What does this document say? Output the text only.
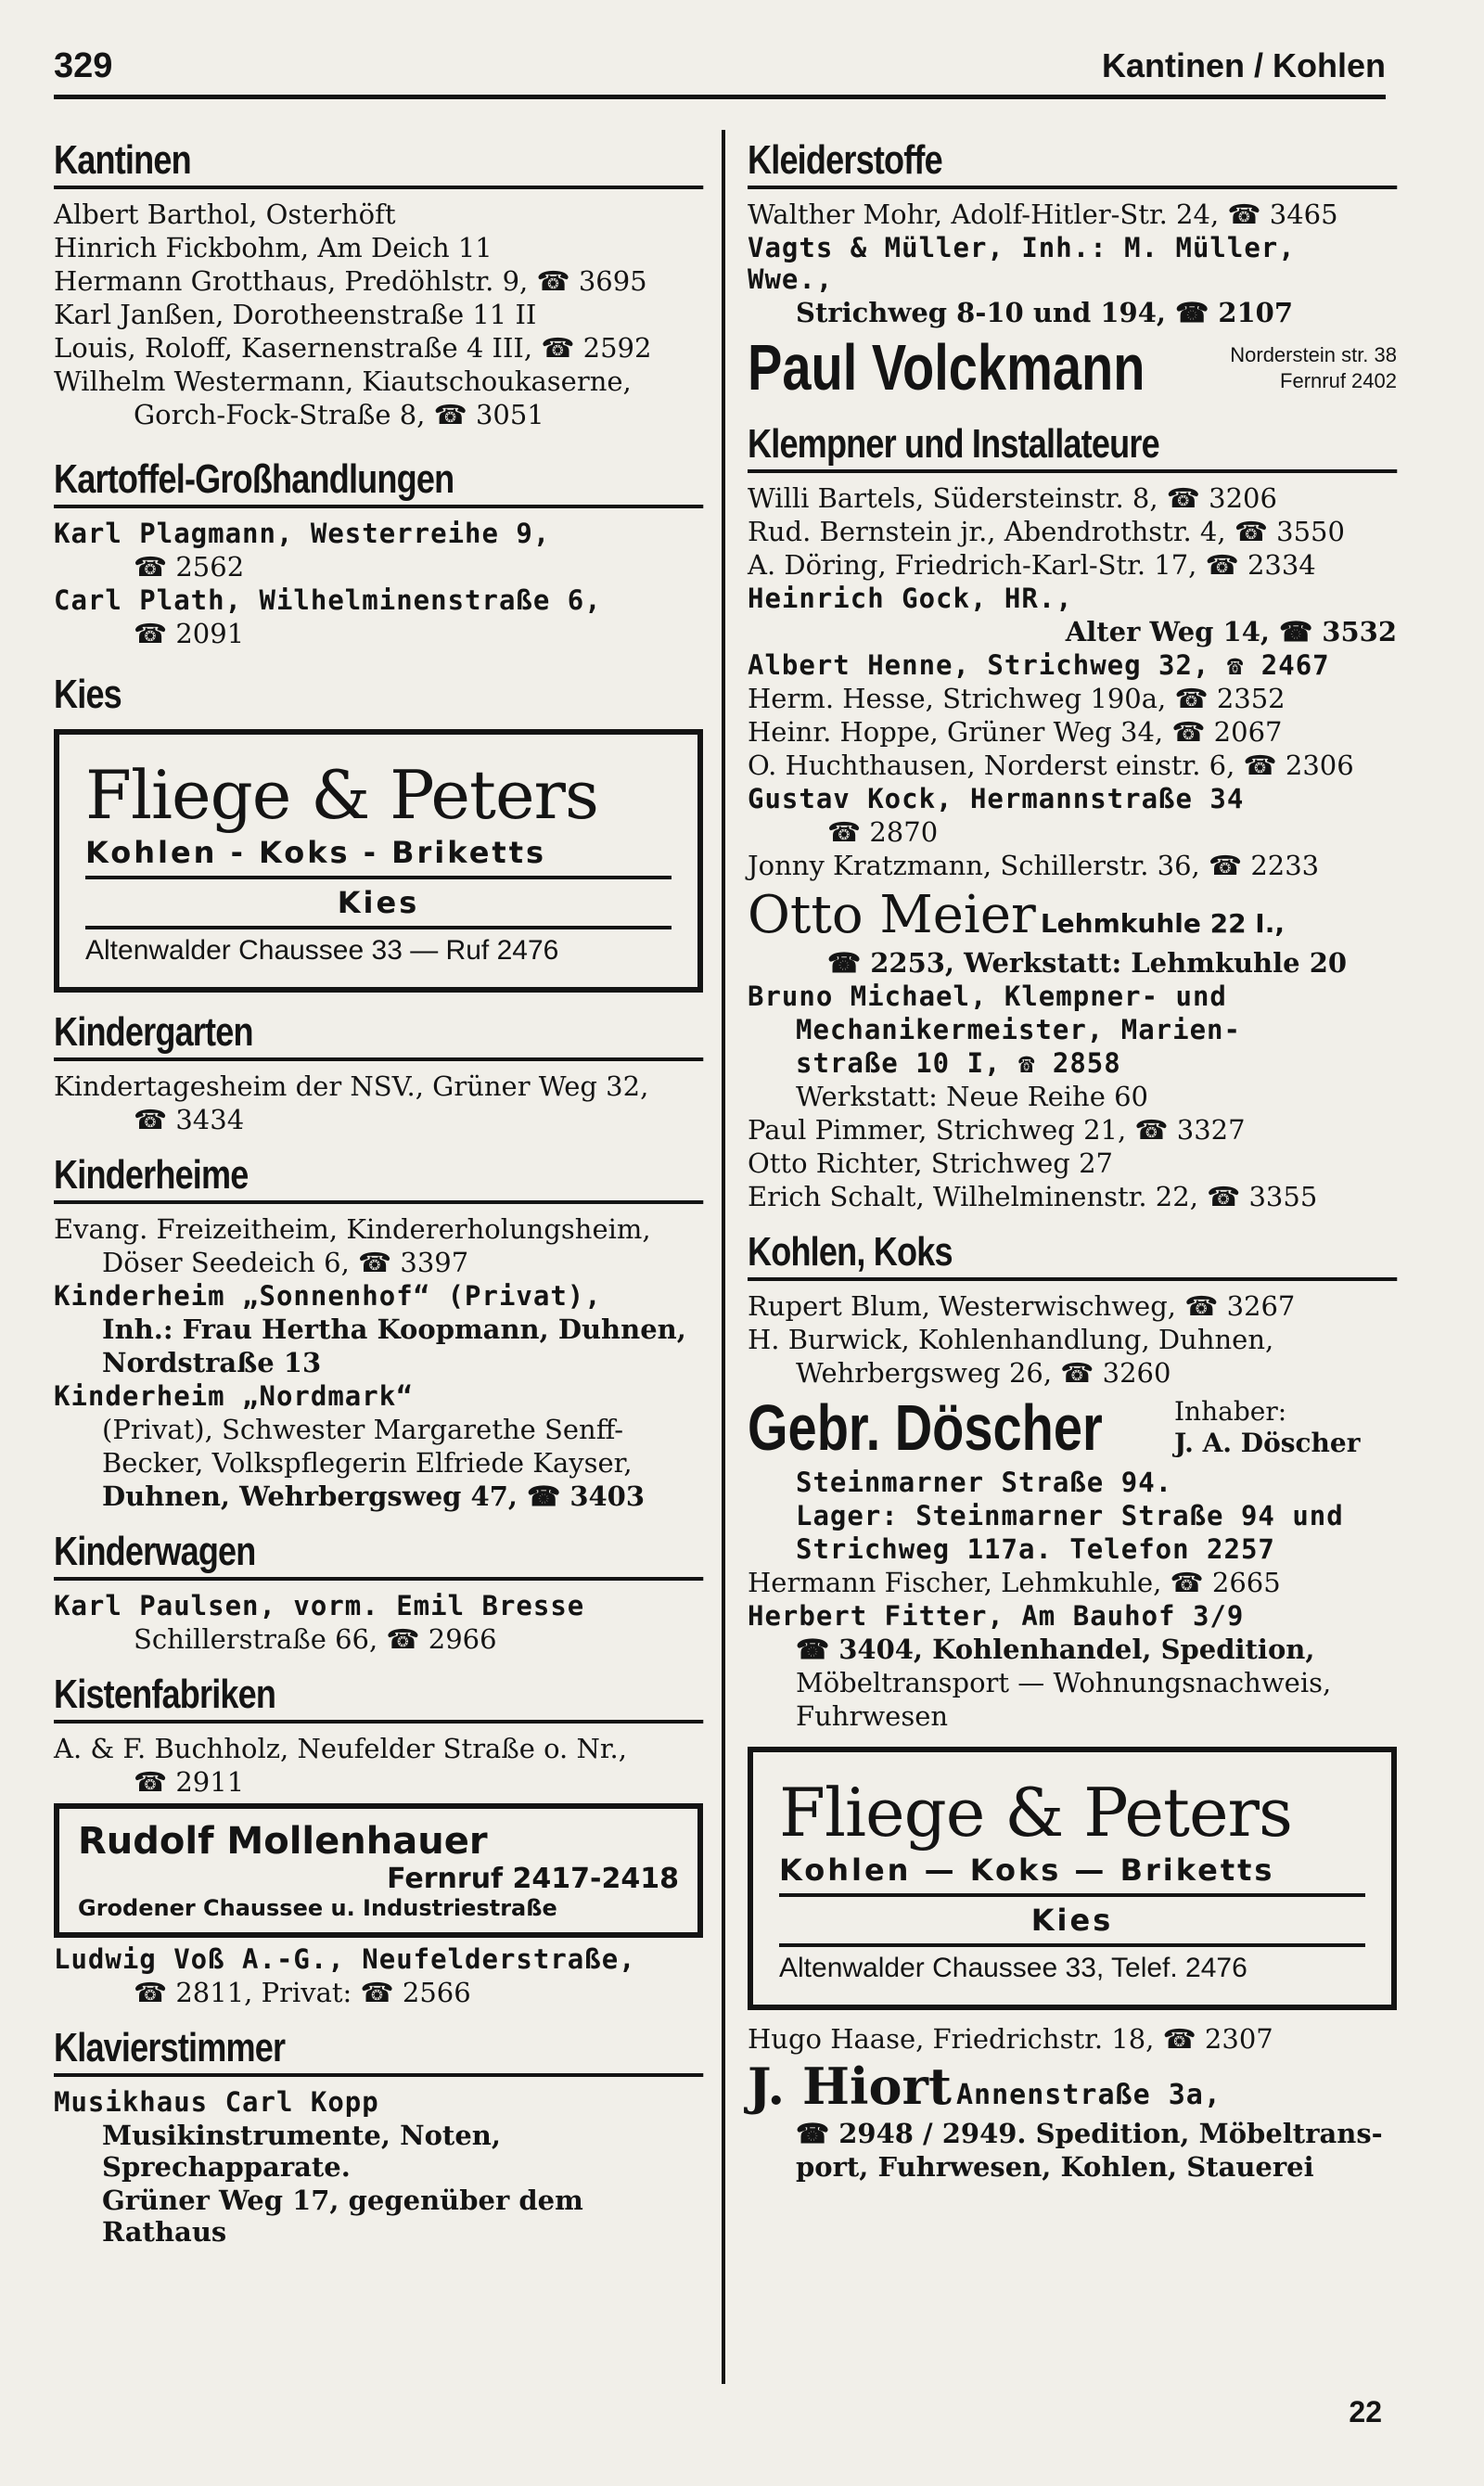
329	Kantinen / Kohlen
Kantinen
Albert Barthol, Osterhöft
Hinrich Fickbohm, Am Deich 11
Hermann Grotthaus, Predöhlstr. 9, ☎ 3695
Karl Janßen, Dorotheenstraße 11 II
Louis, Roloff, Kasernenstraße 4 III, ☎ 2592
Wilhelm Westermann, Kiautschoukaserne,
Gorch-Fock-Straße 8, ☎ 3051
Kartoffel-Großhandlungen
Karl Plagmann, Westerreihe 9,
☎ 2562
Carl Plath, Wilhelminenstraße 6,
☎ 2091
Kies
Fliege & Peters
Kohlen - Koks - Briketts
Kies
Altenwalder Chaussee 33 — Ruf 2476
Kindergarten
Kindertagesheim der NSV., Grüner Weg 32,
☎ 3434
Kinderheime
Evang. Freizeitheim, Kindererholungsheim,
Döser Seedeich 6, ☎ 3397
Kinderheim „Sonnenhof“ (Privat),
Inh.: Frau Hertha Koopmann, Duhnen,
Nordstraße 13
Kinderheim „Nordmark“
(Privat), Schwester Margarethe Senff-
Becker, Volkspflegerin Elfriede Kayser,
Duhnen, Wehrbergsweg 47, ☎ 3403
Kinderwagen
Karl Paulsen, vorm. Emil Bresse
Schillerstraße 66, ☎ 2966
Kistenfabriken
A. & F. Buchholz, Neufelder Straße o. Nr.,
☎ 2911
Rudolf Mollenhauer
Fernruf 2417-2418
Grodener Chaussee u. Industriestraße
Ludwig Voß A.-G., Neufelderstraße,
☎ 2811, Privat: ☎ 2566
Klavierstimmer
Musikhaus Carl Kopp
Musikinstrumente, Noten, Sprechapparate.
Grüner Weg 17, gegenüber dem Rathaus
Kleiderstoffe
Walther Mohr, Adolf-Hitler-Str. 24, ☎ 3465
Vagts & Müller, Inh.: M. Müller, Wwe.,
Strichweg 8-10 und 194, ☎ 2107
Paul Volckmann	Norderstein str. 38
Fernruf 2402
Klempner und Installateure
Willi Bartels, Südersteinstr. 8, ☎ 3206
Rud. Bernstein jr., Abendrothstr. 4, ☎ 3550
A. Döring, Friedrich-Karl-Str. 17, ☎ 2334
Heinrich Gock, HR.,
Alter Weg 14, ☎ 3532
Albert Henne, Strichweg 32, ☎ 2467
Herm. Hesse, Strichweg 190a, ☎ 2352
Heinr. Hoppe, Grüner Weg 34, ☎ 2067
O. Huchthausen, Norderst einstr. 6, ☎ 2306
Gustav Kock, Hermannstraße 34
☎ 2870
Jonny Kratzmann, Schillerstr. 36, ☎ 2233
Otto Meier Lehmkuhle 22 I.,
☎ 2253, Werkstatt: Lehmkuhle 20
Bruno Michael, Klempner- und
Mechanikermeister, Marien-
straße 10 I, ☎ 2858
Werkstatt: Neue Reihe 60
Paul Pimmer, Strichweg 21, ☎ 3327
Otto Richter, Strichweg 27
Erich Schalt, Wilhelminenstr. 22, ☎ 3355
Kohlen, Koks
Rupert Blum, Westerwischweg, ☎ 3267
H. Burwick, Kohlenhandlung, Duhnen,
Wehrbergsweg 26, ☎ 3260
Gebr. Döscher	Inhaber:
J. A. Döscher
Steinmarner Straße 94.
Lager: Steinmarner Straße 94 und
Strichweg 117a. Telefon 2257
Hermann Fischer, Lehmkuhle, ☎ 2665
Herbert Fitter, Am Bauhof 3/9
☎ 3404, Kohlenhandel, Spedition,
Möbeltransport — Wohnungsnachweis,
Fuhrwesen
Fliege & Peters
Kohlen — Koks — Briketts
Kies
Altenwalder Chaussee 33, Telef. 2476
Hugo Haase, Friedrichstr. 18, ☎ 2307
J. Hiort Annenstraße 3a,
☎ 2948 / 2949. Spedition, Möbeltrans-
port, Fuhrwesen, Kohlen, Stauerei
22
